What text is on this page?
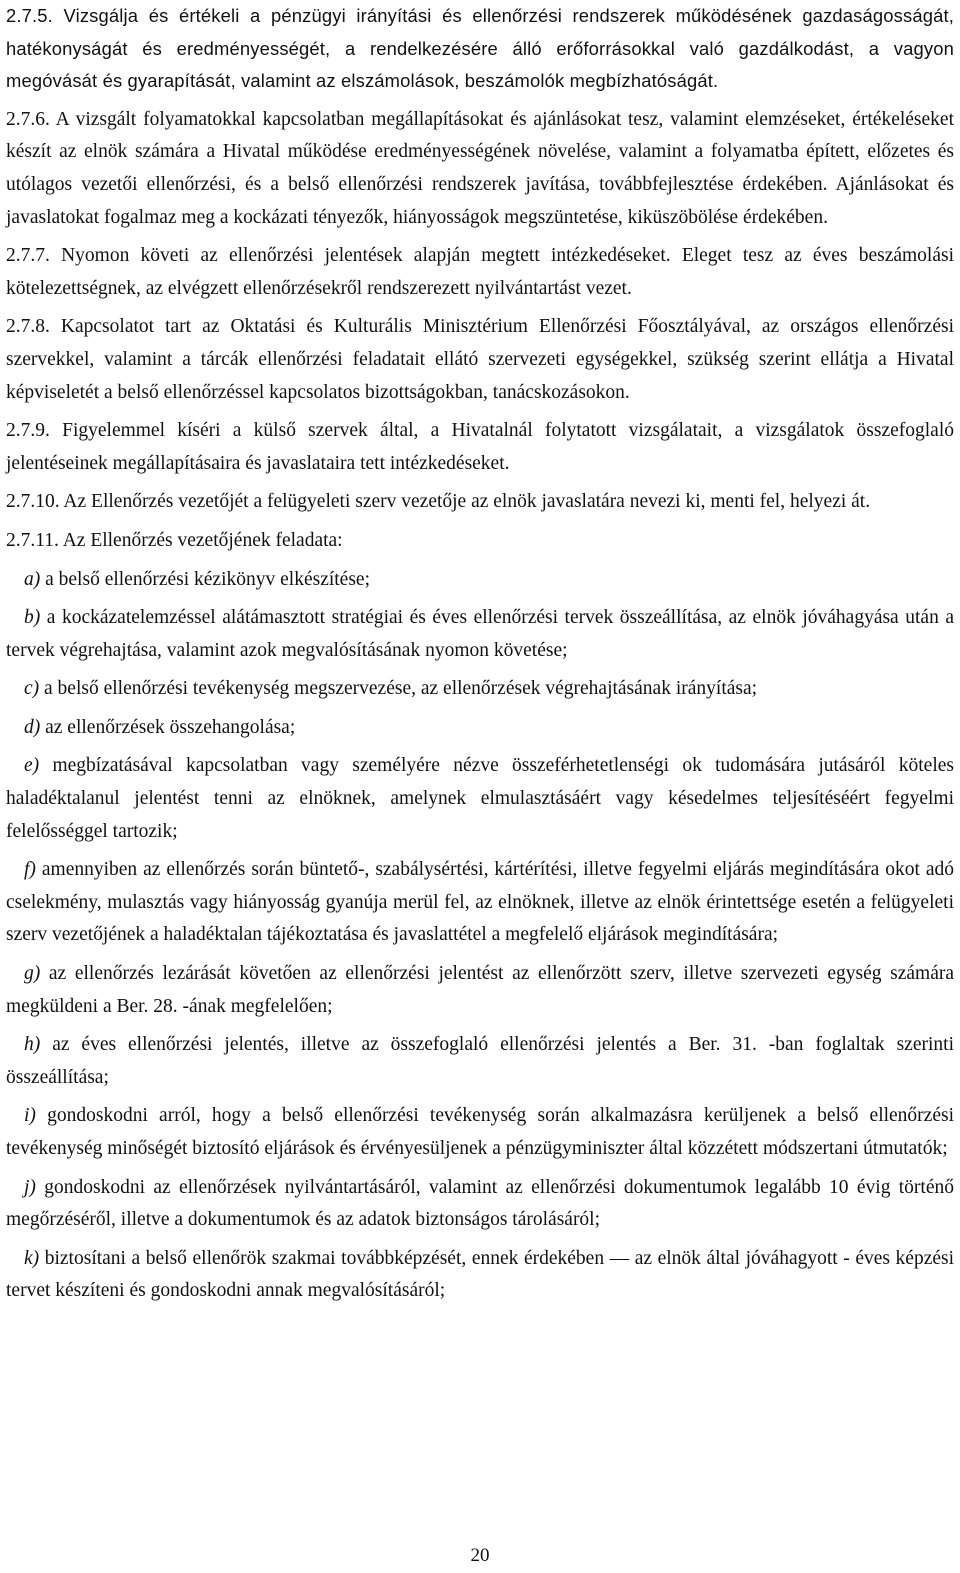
2.7.5. Vizsgálja és értékeli a pénzügyi irányítási és ellenőrzési rendszerek működésének gazdaságosságát, hatékonyságát és eredményességét, a rendelkezésére álló erőforrásokkal való gazdálkodást, a vagyon megóvását és gyarapítását, valamint az elszámolások, beszámolók megbízhatóságát.

2.7.6. A vizsgált folyamatokkal kapcsolatban megállapításokat és ajánlásokat tesz, valamint elemzéseket, értékeléseket készít az elnök számára a Hivatal működése eredményességének növelése, valamint a folyamatba épített, előzetes és utólagos vezetői ellenőrzési, és a belső ellenőrzési rendszerek javítása, továbbfejlesztése érdekében. Ajánlásokat és javaslatokat fogalmaz meg a kockázati tényezők, hiányosságok megszüntetése, kiküszöbölése érdekében.

2.7.7. Nyomon követi az ellenőrzési jelentések alapján megtett intézkedéseket. Eleget tesz az éves beszámolási kötelezettségnek, az elvégzett ellenőrzésekről rendszerezett nyilvántartást vezet.

2.7.8. Kapcsolatot tart az Oktatási és Kulturális Minisztérium Ellenőrzési Főosztályával, az országos ellenőrzési szervekkel, valamint a tárcák ellenőrzési feladatait ellátó szervezeti egységekkel, szükség szerint ellátja a Hivatal képviseletét a belső ellenőrzéssel kapcsolatos bizottságokban, tanácskozásokon.

2.7.9. Figyelemmel kíséri a külső szervek által, a Hivatalnál folytatott vizsgálatait, a vizsgálatok összefoglaló jelentéseinek megállapításaira és javaslataira tett intézkedéseket.

2.7.10. Az Ellenőrzés vezetőjét a felügyeleti szerv vezetője az elnök javaslatára nevezi ki, menti fel, helyezi át.

2.7.11. Az Ellenőrzés vezetőjének feladata:

a) a belső ellenőrzési kézikönyv elkészítése;

b) a kockázatelemzéssel alátámasztott stratégiai és éves ellenőrzési tervek összeállítása, az elnök jóváhagyása után a tervek végrehajtása, valamint azok megvalósításának nyomon követése;

c) a belső ellenőrzési tevékenység megszervezése, az ellenőrzések végrehajtásának irányítása;

d) az ellenőrzések összehangolása;

e) megbízatásával kapcsolatban vagy személyére nézve összeférhetetlenségi ok tudomására jutásáról köteles haladéktalanul jelentést tenni az elnöknek, amelynek elmulasztásáért vagy késedelmes teljesítéséért fegyelmi felelősséggel tartozik;

f) amennyiben az ellenőrzés során büntető-, szabálysértési, kártérítési, illetve fegyelmi eljárás megindítására okot adó cselekmény, mulasztás vagy hiányosság gyanúja merül fel, az elnöknek, illetve az elnök érintettsége esetén a felügyeleti szerv vezetőjének a haladéktalan tájékoztatása és javaslattétel a megfelelő eljárások megindítására;

g) az ellenőrzés lezárását követően az ellenőrzési jelentést az ellenőrzött szerv, illetve szervezeti egység számára megküldeni a Ber. 28. -ának megfelelően;

h) az éves ellenőrzési jelentés, illetve az összefoglaló ellenőrzési jelentés a Ber. 31. -ban foglaltak szerinti összeállítása;

i) gondoskodni arról, hogy a belső ellenőrzési tevékenység során alkalmazásra kerüljenek a belső ellenőrzési tevékenység minőségét biztosító eljárások és érvényesüljenek a pénzügyminiszter által közzétett módszertani útmutatók;

j) gondoskodni az ellenőrzések nyilvántartásáról, valamint az ellenőrzési dokumentumok legalább 10 évig történő megőrzéséről, illetve a dokumentumok és az adatok biztonságos tárolásáról;

k) biztosítani a belső ellenőrök szakmai továbbképzését, ennek érdekében — az elnök által jóváhagyott - éves képzési tervet készíteni és gondoskodni annak megvalósításáról;

20
